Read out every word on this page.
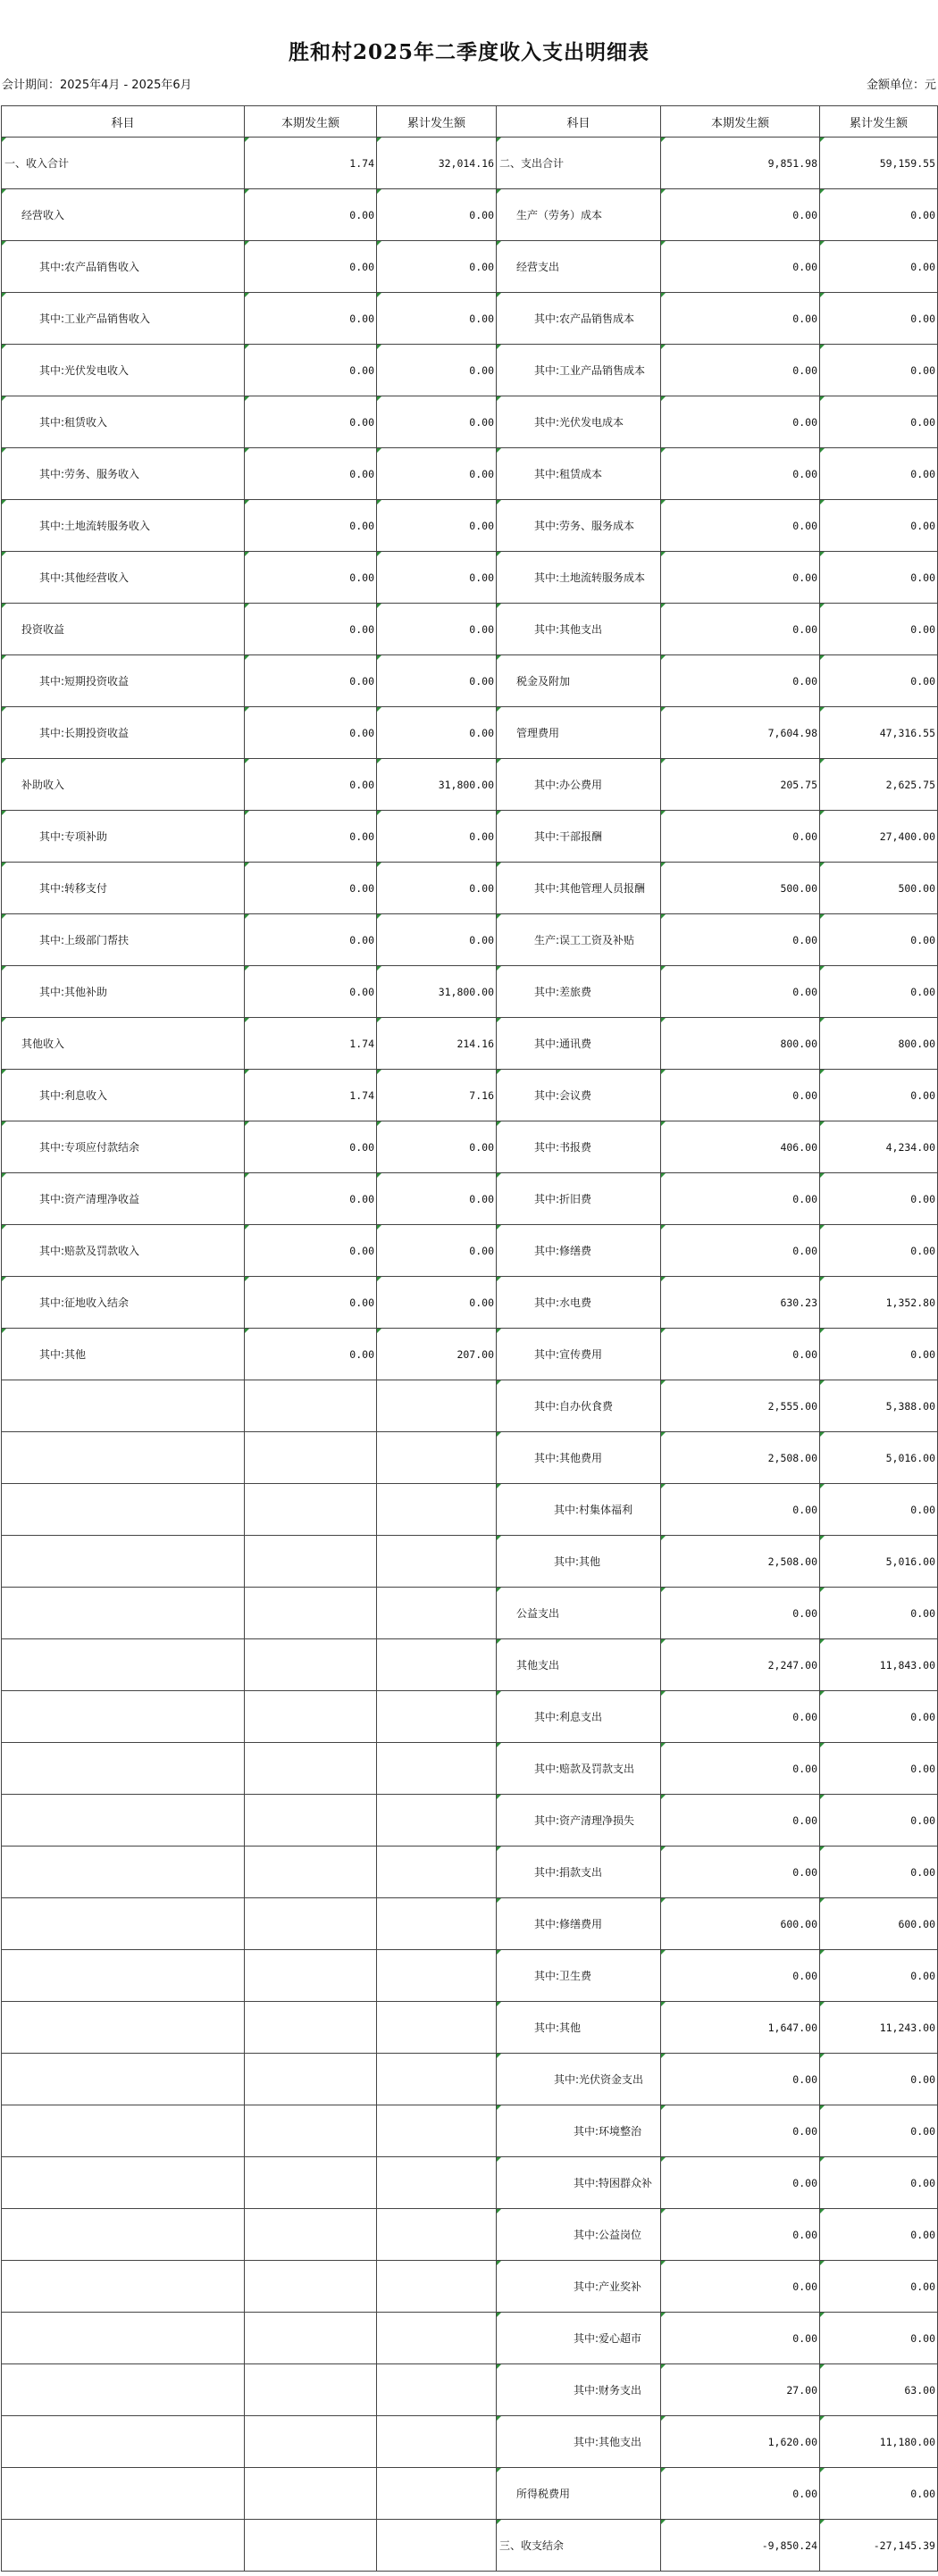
胜和村2025年二季度收入支出明细表
会计期间：2025年4月 - 2025年6月	金额单位：元
科目	本期发生额	累计发生额	科目	本期发生额	累计发生额
一、收入合计	1.74	32,014.16	二、支出合计	9,851.98	59,159.55
经营收入	0.00	0.00	生产（劳务）成本	0.00	0.00
其中:农产品销售收入	0.00	0.00	经营支出	0.00	0.00
其中:工业产品销售收入	0.00	0.00	其中:农产品销售成本	0.00	0.00
其中:光伏发电收入	0.00	0.00	其中:工业产品销售成本	0.00	0.00
其中:租赁收入	0.00	0.00	其中:光伏发电成本	0.00	0.00
其中:劳务、服务收入	0.00	0.00	其中:租赁成本	0.00	0.00
其中:土地流转服务收入	0.00	0.00	其中:劳务、服务成本	0.00	0.00
其中:其他经营收入	0.00	0.00	其中:土地流转服务成本	0.00	0.00
投资收益	0.00	0.00	其中:其他支出	0.00	0.00
其中:短期投资收益	0.00	0.00	税金及附加	0.00	0.00
其中:长期投资收益	0.00	0.00	管理费用	7,604.98	47,316.55
补助收入	0.00	31,800.00	其中:办公费用	205.75	2,625.75
其中:专项补助	0.00	0.00	其中:干部报酬	0.00	27,400.00
其中:转移支付	0.00	0.00	其中:其他管理人员报酬	500.00	500.00
其中:上级部门帮扶	0.00	0.00	生产:误工工资及补贴	0.00	0.00
其中:其他补助	0.00	31,800.00	其中:差旅费	0.00	0.00
其他收入	1.74	214.16	其中:通讯费	800.00	800.00
其中:利息收入	1.74	7.16	其中:会议费	0.00	0.00
其中:专项应付款结余	0.00	0.00	其中:书报费	406.00	4,234.00
其中:资产清理净收益	0.00	0.00	其中:折旧费	0.00	0.00
其中:赔款及罚款收入	0.00	0.00	其中:修缮费	0.00	0.00
其中:征地收入结余	0.00	0.00	其中:水电费	630.23	1,352.80
其中:其他	0.00	207.00	其中:宣传费用	0.00	0.00
			其中:自办伙食费	2,555.00	5,388.00
			其中:其他费用	2,508.00	5,016.00
			其中:村集体福利	0.00	0.00
			其中:其他	2,508.00	5,016.00
			公益支出	0.00	0.00
			其他支出	2,247.00	11,843.00
			其中:利息支出	0.00	0.00
			其中:赔款及罚款支出	0.00	0.00
			其中:资产清理净损失	0.00	0.00
			其中:捐款支出	0.00	0.00
			其中:修缮费用	600.00	600.00
			其中:卫生费	0.00	0.00
			其中:其他	1,647.00	11,243.00
			其中:光伏资金支出	0.00	0.00
			其中:环境整治	0.00	0.00
			其中:特困群众补	0.00	0.00
			其中:公益岗位	0.00	0.00
			其中:产业奖补	0.00	0.00
			其中:爱心超市	0.00	0.00
			其中:财务支出	27.00	63.00
			其中:其他支出	1,620.00	11,180.00
			所得税费用	0.00	0.00
			三、收支结余	-9,850.24	-27,145.39
